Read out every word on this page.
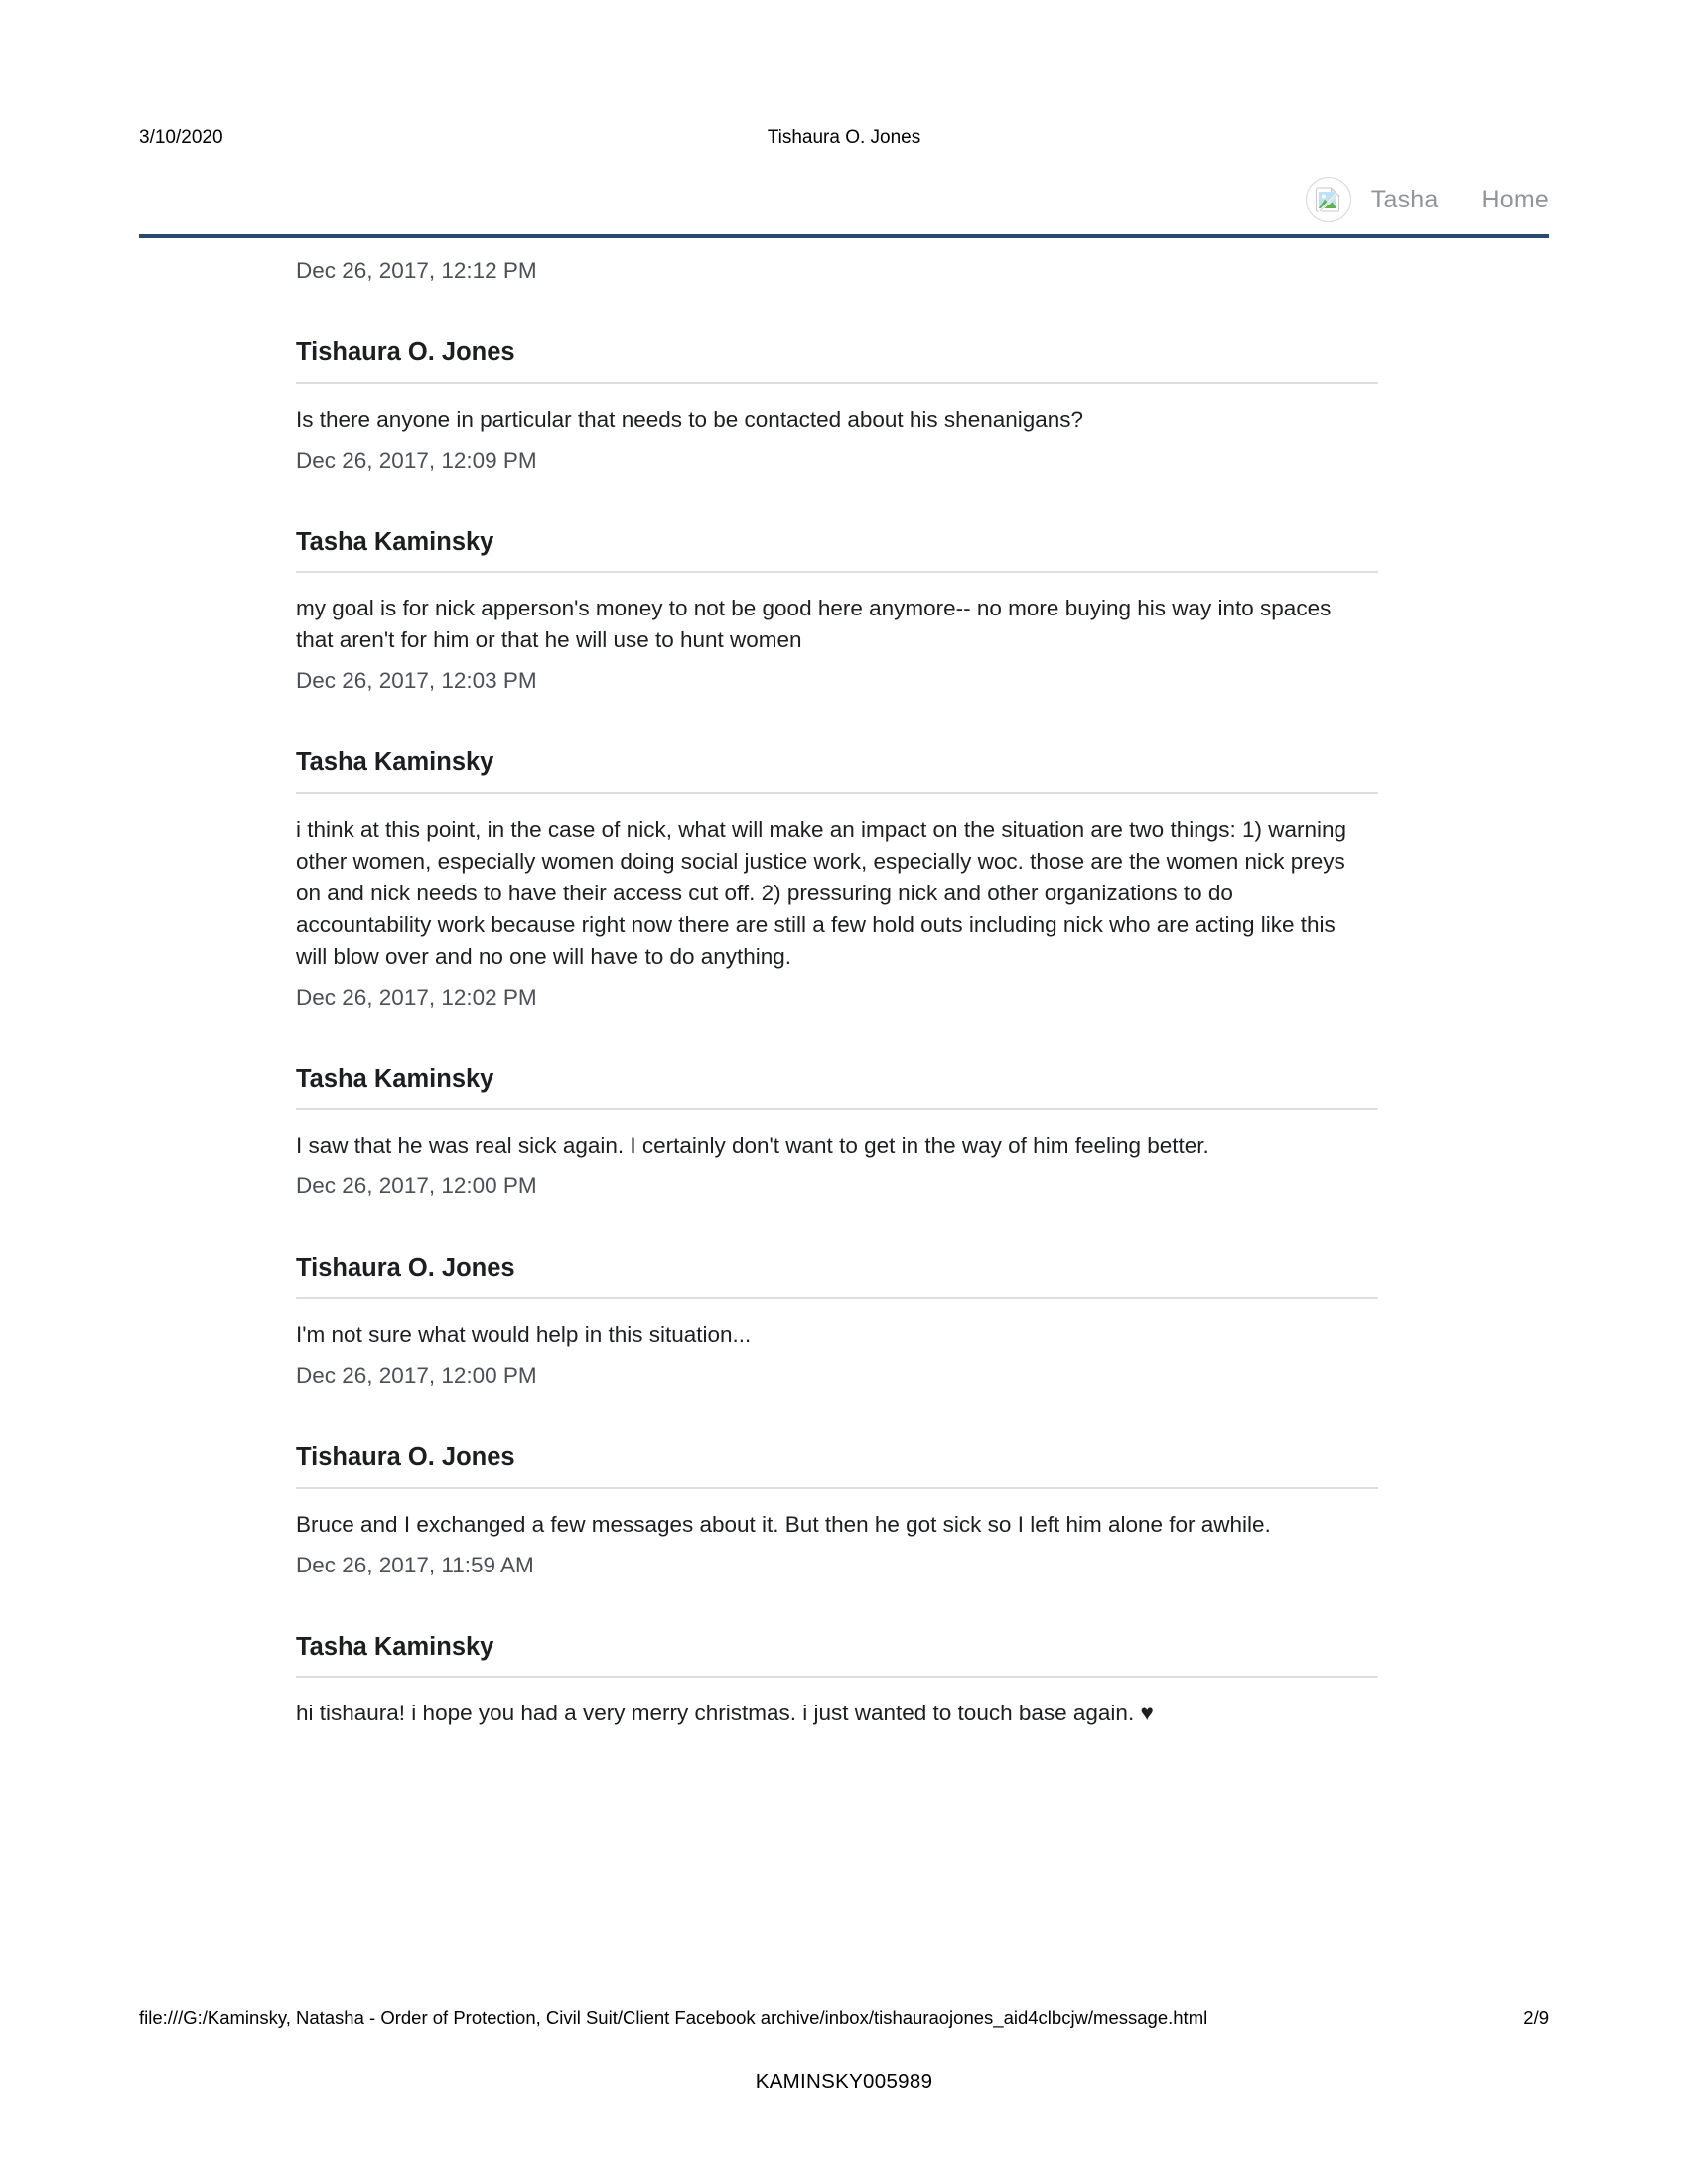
3/10/2020	Tishaura O. Jones
Tasha Home
Dec 26, 2017, 12:12 PM
Tishaura O. Jones
Is there anyone in particular that needs to be contacted about his shenanigans?
Dec 26, 2017, 12:09 PM
Tasha Kaminsky
my goal is for nick apperson's money to not be good here anymore-- no more buying his way into spaces that aren't for him or that he will use to hunt women
Dec 26, 2017, 12:03 PM
Tasha Kaminsky
i think at this point, in the case of nick, what will make an impact on the situation are two things: 1) warning other women, especially women doing social justice work, especially woc. those are the women nick preys on and nick needs to have their access cut off. 2) pressuring nick and other organizations to do accountability work because right now there are still a few hold outs including nick who are acting like this will blow over and no one will have to do anything.
Dec 26, 2017, 12:02 PM
Tasha Kaminsky
I saw that he was real sick again. I certainly don't want to get in the way of him feeling better.
Dec 26, 2017, 12:00 PM
Tishaura O. Jones
I'm not sure what would help in this situation...
Dec 26, 2017, 12:00 PM
Tishaura O. Jones
Bruce and I exchanged a few messages about it. But then he got sick so I left him alone for awhile.
Dec 26, 2017, 11:59 AM
Tasha Kaminsky
hi tishaura! i hope you had a very merry christmas. i just wanted to touch base again. ♥
file:///G:/Kaminsky, Natasha - Order of Protection, Civil Suit/Client Facebook archive/inbox/tishauraojones_aid4clbcjw/message.html	2/9
KAMINSKY005989
